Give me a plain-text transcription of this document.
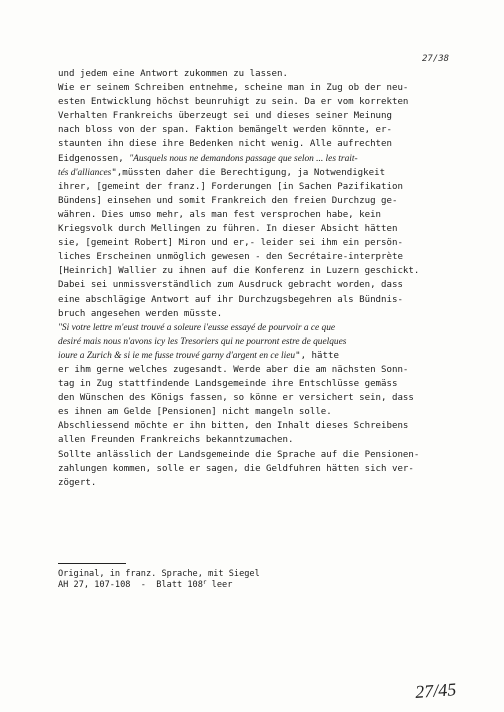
27/38
und jedem eine Antwort zukommen zu lassen.
Wie er seinem Schreiben entnehme, scheine man in Zug ob der neu-
esten Entwicklung höchst beunruhigt zu sein. Da er vom korrekten
Verhalten Frankreichs überzeugt sei und dieses seiner Meinung
nach bloss von der span. Faktion bemängelt werden könnte, er-
staunten ihn diese ihre Bedenken nicht wenig. Alle aufrechten
Eidgenossen, "Ausquels nous ne demandons passage que selon ... les trait-
tés d'alliances",müssten daher die Berechtigung, ja Notwendigkeit
ihrer, [gemeint der franz.] Forderungen [in Sachen Pazifikation
Bündens] einsehen und somit Frankreich den freien Durchzug ge-
währen. Dies umso mehr, als man fest versprochen habe, kein
Kriegsvolk durch Mellingen zu führen. In dieser Absicht hätten
sie, [gemeint Robert] Miron und er,- leider sei ihm ein persön-
liches Erscheinen unmöglich gewesen - den Secrétaire-interprète
[Heinrich] Wallier zu ihnen auf die Konferenz in Luzern geschickt.
Dabei sei unmissverständlich zum Ausdruck gebracht worden, dass
eine abschlägige Antwort auf ihr Durchzugsbegehren als Bündnis-
bruch angesehen werden müsste.
"Si votre lettre m'eust trouvé a soleure i'eusse essayé de pourvoir a ce que
desiré mais nous n'avons icy les Tresoriers qui ne pourront estre de quelques
ioure a Zurich & si ie me fusse trouvé garny d'argent en ce lieu", hätte
er ihm gerne welches zugesandt. Werde aber die am nächsten Sonn-
tag in Zug stattfindende Landsgemeinde ihre Entschlüsse gemäss
den Wünschen des Königs fassen, so könne er versichert sein, dass
es ihnen am Gelde [Pensionen] nicht mangeln solle.
Abschliessend möchte er ihn bitten, den Inhalt dieses Schreibens
allen Freunden Frankreichs bekanntzumachen.
Sollte anlässlich der Landsgemeinde die Sprache auf die Pensionen-
zahlungen kommen, solle er sagen, die Geldfuhren hätten sich ver-
zögert.
Original, in franz. Sprache, mit Siegel
AH 27, 107-108  -  Blatt 108$^r$ leer
27/45
